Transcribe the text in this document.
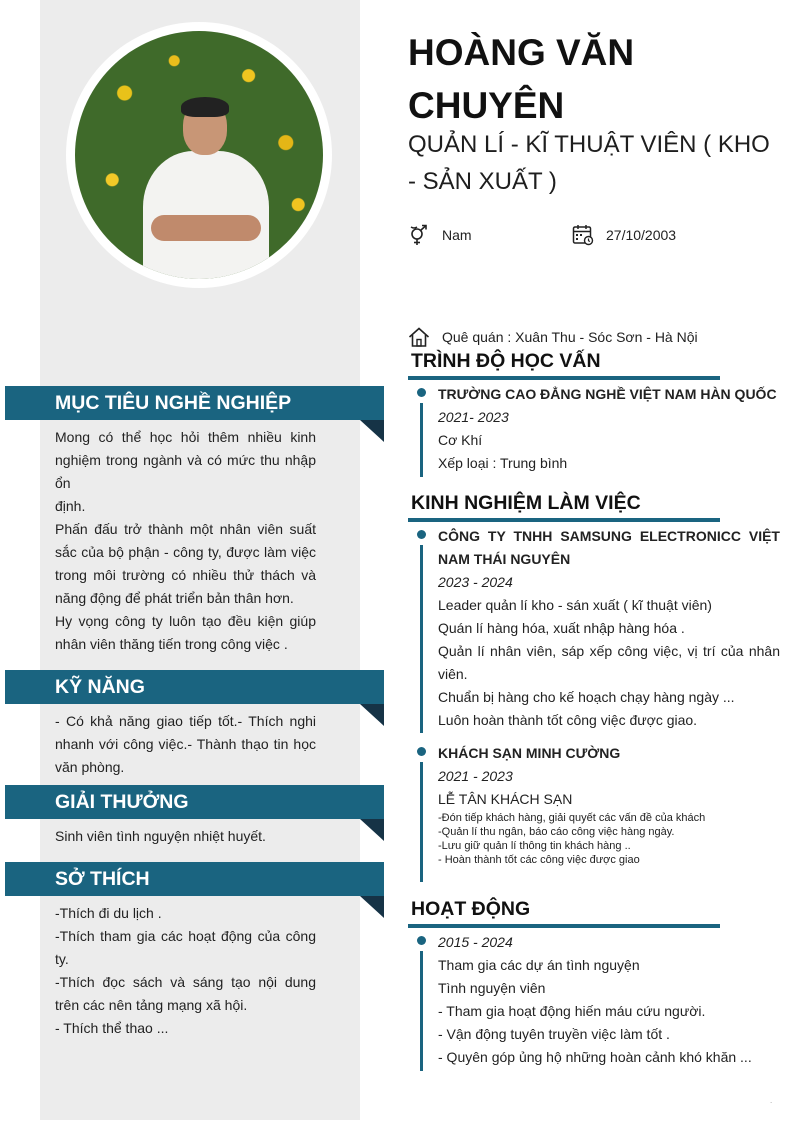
HOÀNG VĂN CHUYÊN

QUẢN LÍ - KĨ THUẬT VIÊN ( KHO - SẢN XUẤT )

Nam	27/10/2003
Quê quán : Xuân Thu - Sóc Sơn - Hà Nội
TRÌNH ĐỘ HỌC VẤN
TRƯỜNG CAO ĐẲNG NGHỀ VIỆT NAM HÀN QUỐC
2021- 2023
Cơ Khí
Xếp loại : Trung bình
KINH NGHIỆM LÀM VIỆC
CÔNG TY TNHH SAMSUNG ELECTRONICC VIỆT NAM THÁI NGUYÊN
2023 - 2024
Leader quản lí kho - sán xuất ( kĩ thuật viên)
Quán lí hàng hóa, xuất nhập hàng hóa .
Quản lí nhân viên, sáp xếp công việc, vị trí của nhân viên.
Chuẩn bị hàng cho kế hoạch chạy hàng ngày ...
Luôn hoàn thành tốt công việc được giao.
KHÁCH SẠN MINH CƯỜNG
2021 - 2023
LỄ TÂN KHÁCH SẠN
-Đón tiếp khách hàng, giải quyết các vấn đề của khách
-Quản lí thu ngân, báo cáo công việc hàng ngày.
-Lưu giữ quản lí thông tin khách hàng ..
- Hoàn thành tốt các công việc được giao
HOẠT ĐỘNG
2015 - 2024
Tham gia các dự án tình nguyện
Tình nguyện viên
- Tham gia hoạt động hiến máu cứu người.
- Vận động tuyên truyền việc làm tốt .
- Quyên góp ủng hộ những hoàn cảnh khó khăn ...
MỤC TIÊU NGHỀ NGHIỆP

Mong có thể học hỏi thêm nhiều kinh nghiệm trong ngành và có mức thu nhập ổn

định.

Phấn đấu trở thành một nhân viên suất sắc của bộ phận - công ty, được làm việc trong môi trường có nhiều thử thách và năng động để phát triển bản thân hơn.

Hy vọng công ty luôn tạo đều kiện giúp nhân viên thăng tiến trong công việc .

KỸ NĂNG

- Có khả năng giao tiếp tốt.- Thích nghi nhanh với công việc.- Thành thạo tin học văn phòng.

GIẢI THƯỞNG

Sinh viên tình nguyện nhiệt huyết.

SỞ THÍCH

-Thích đi du lịch .

-Thích tham gia các hoạt động của công ty.

-Thích đọc sách và sáng tạo nội dung trên các nên tảng mạng xã hội.

- Thích thể thao ...

.
